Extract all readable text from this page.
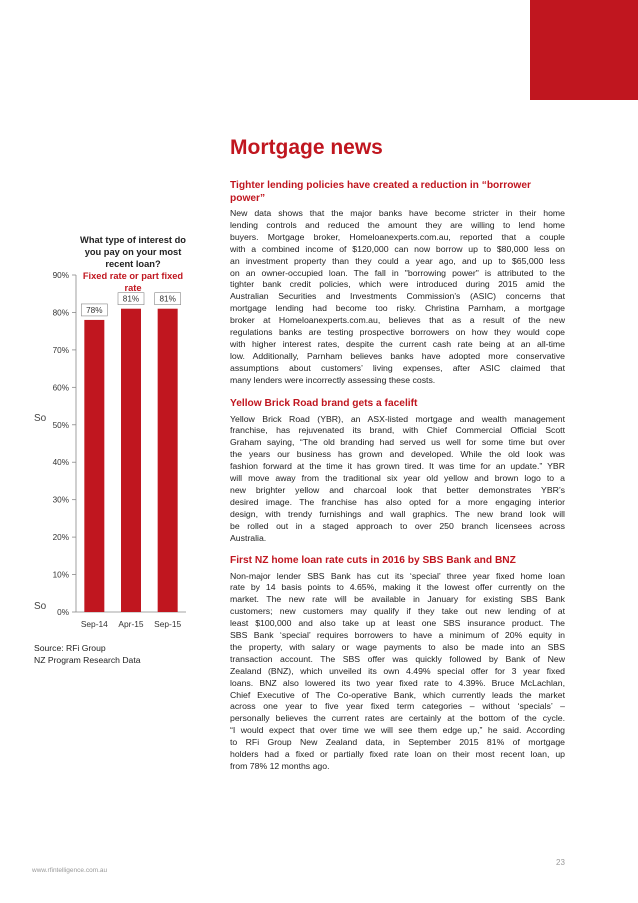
Mortgage news
Tighter lending policies have created a reduction in “borrower
power”

New data shows that the major banks have become stricter in their home
lending controls and reduced the amount they are willing to lend home
buyers. Mortgage broker, Homeloanexperts.com.au, reported that a couple
with a combined income of $120,000 can now borrow up to $80,000 less on
an investment property than they could a year ago, and up to $65,000 less
on an owner-occupied loan. The fall in "borrowing power" is attributed to the
tighter bank credit policies, which were introduced during 2015 amid the
Australian Securities and Investments Commission’s (ASIC) concerns that
mortgage lending had become too risky. Christina Parnham, a mortgage
broker at Homeloanexperts.com.au, believes that as a result of the new
regulations banks are testing prospective borrowers on how they would cope
with higher interest rates, despite the current cash rate being at an all-time
low. Additionally, Parnham believes banks have adopted more conservative
assumptions about customers’ living expenses, after ASIC claimed that
many lenders were incorrectly assessing these costs.

Yellow Brick Road brand gets a facelift

Yellow Brick Road (YBR), an ASX-listed mortgage and wealth management
franchise, has rejuvenated its brand, with Chief Commercial Official Scott
Graham saying, “The old branding had served us well for some time but over
the years our business has grown and developed. While the old look was
fashion forward at the time it has grown tired. It was time for an update.” YBR
will move away from the traditional six year old yellow and brown logo to a
new brighter yellow and charcoal look that better demonstrates YBR’s
desired image. The franchise has also opted for a more engaging interior
design, with trendy furnishings and wall graphics. The new brand look will
be rolled out in a staged approach to over 250 branch licensees across
Australia.

First NZ home loan rate cuts in 2016 by SBS Bank and BNZ

Non-major lender SBS Bank has cut its ‘special’ three year fixed home loan
rate by 14 basis points to 4.65%, making it the lowest offer currently on the
market. The new rate will be available in January for existing SBS Bank
customers; new customers may qualify if they take out new lending of at
least $100,000 and also take up at least one SBS insurance product. The
SBS Bank ‘special’ requires borrowers to have a minimum of 20% equity in
the property, with salary or wage payments to also be made into an SBS
transaction account. The SBS offer was quickly followed by Bank of New
Zealand (BNZ), which unveiled its own 4.49% special offer for 3 year fixed
loans. BNZ also lowered its two year fixed rate to 4.39%. Bruce McLachlan,
Chief Executive of The Co-operative Bank, which currently leads the market
across one year to five year fixed term categories – without ‘specials’ –
personally believes the current rates are certainly at the bottom of the cycle.
“I would expect that over time we will see them edge up,” he said. According
to RFi Group New Zealand data, in September 2015 81% of mortgage
holders had a fixed or partially fixed rate loan on their most recent loan, up
from 78% 12 months ago.

What type of interest do
you pay on your most
recent loan?
Fixed rate or part fixed
rate
0%
10%
20%
30%
40%
50%
60%
70%
80%
90%
78%
Sep-14
81%
Apr-15
81%
Sep-15
So
So
Source: RFi Group
NZ Program Research Data
www.rfintelligence.com.au
23
